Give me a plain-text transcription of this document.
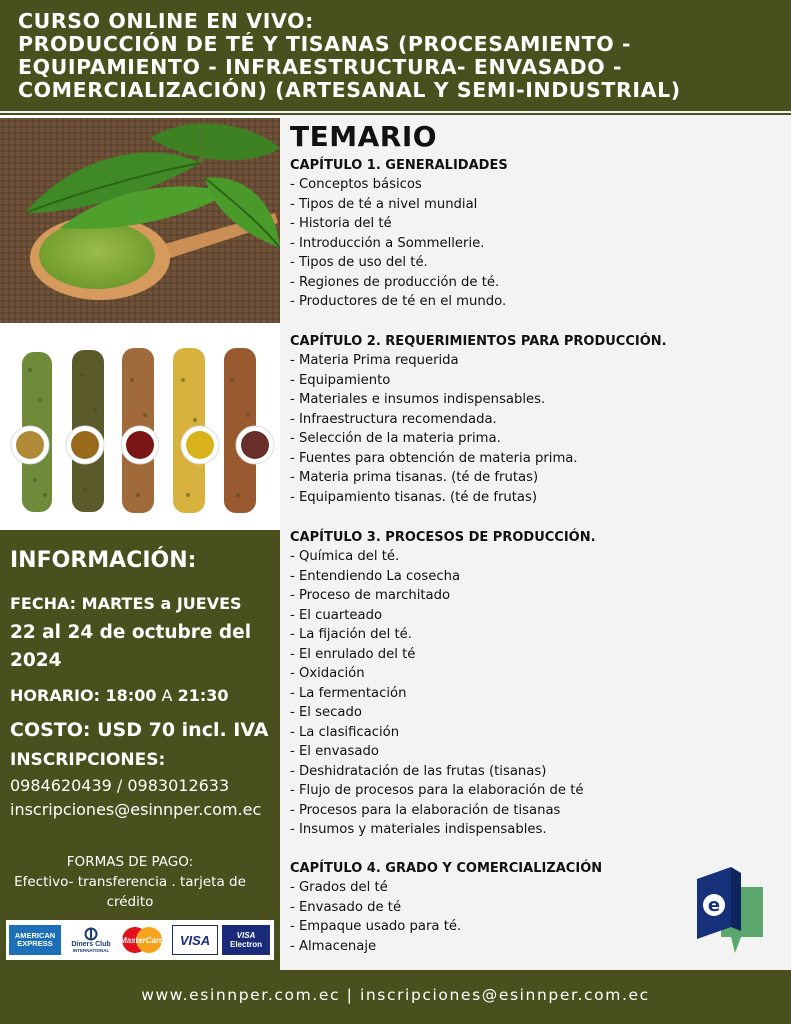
CURSO ONLINE EN VIVO:
PRODUCCIÓN DE TÉ Y TISANAS (PROCESAMIENTO -
EQUIPAMIENTO - INFRAESTRUCTURA- ENVASADO -
COMERCIALIZACIÓN) (ARTESANAL Y SEMI-INDUSTRIAL)
INFORMACIÓN:
FECHA: MARTES a JUEVES
22 al 24 de octubre del 2024
HORARIO: 18:00 A 21:30
COSTO: USD 70 incl. IVA
INSCRIPCIONES:
0984620439 / 0983012633
inscripciones@esinnper.com.ec
FORMAS DE PAGO:
Efectivo- transferencia . tarjeta de crédito
AMERICAN
EXPRESS	Diners Club
INTERNATIONAL
MasterCard VISA	VISA
Electron
TEMARIO
CAPÍTULO 1. GENERALIDADES
- Conceptos básicos
- Tipos de té a nivel mundial
- Historia del té
- Introducción a Sommellerie.
- Tipos de uso del té.
- Regiones de producción de té.
- Productores de té en el mundo.
CAPÍTULO 2. REQUERIMIENTOS PARA PRODUCCIÓN.
- Materia Prima requerida
- Equipamiento
- Materiales e insumos indispensables.
- Infraestructura recomendada.
- Selección de la materia prima.
- Fuentes para obtención de materia prima.
- Materia prima tisanas. (té de frutas)
- Equipamiento tisanas. (té de frutas)
CAPÍTULO 3. PROCESOS DE PRODUCCIÓN.
- Química del té.
- Entendiendo La cosecha
- Proceso de marchitado
- El cuarteado
- La fijación del té.
- El enrulado del té
- Oxidación
- La fermentación
- El secado
- La clasificación
- El envasado
- Deshidratación de las frutas (tisanas)
- Flujo de procesos para la elaboración de té
- Procesos para la elaboración de tisanas
- Insumos y materiales indispensables.
CAPÍTULO 4. GRADO Y COMERCIALIZACIÓN
- Grados del té
- Envasado de té
- Empaque usado para té.
- Almacenaje
e
www.esinnper.com.ec | inscripciones@esinnper.com.ec
